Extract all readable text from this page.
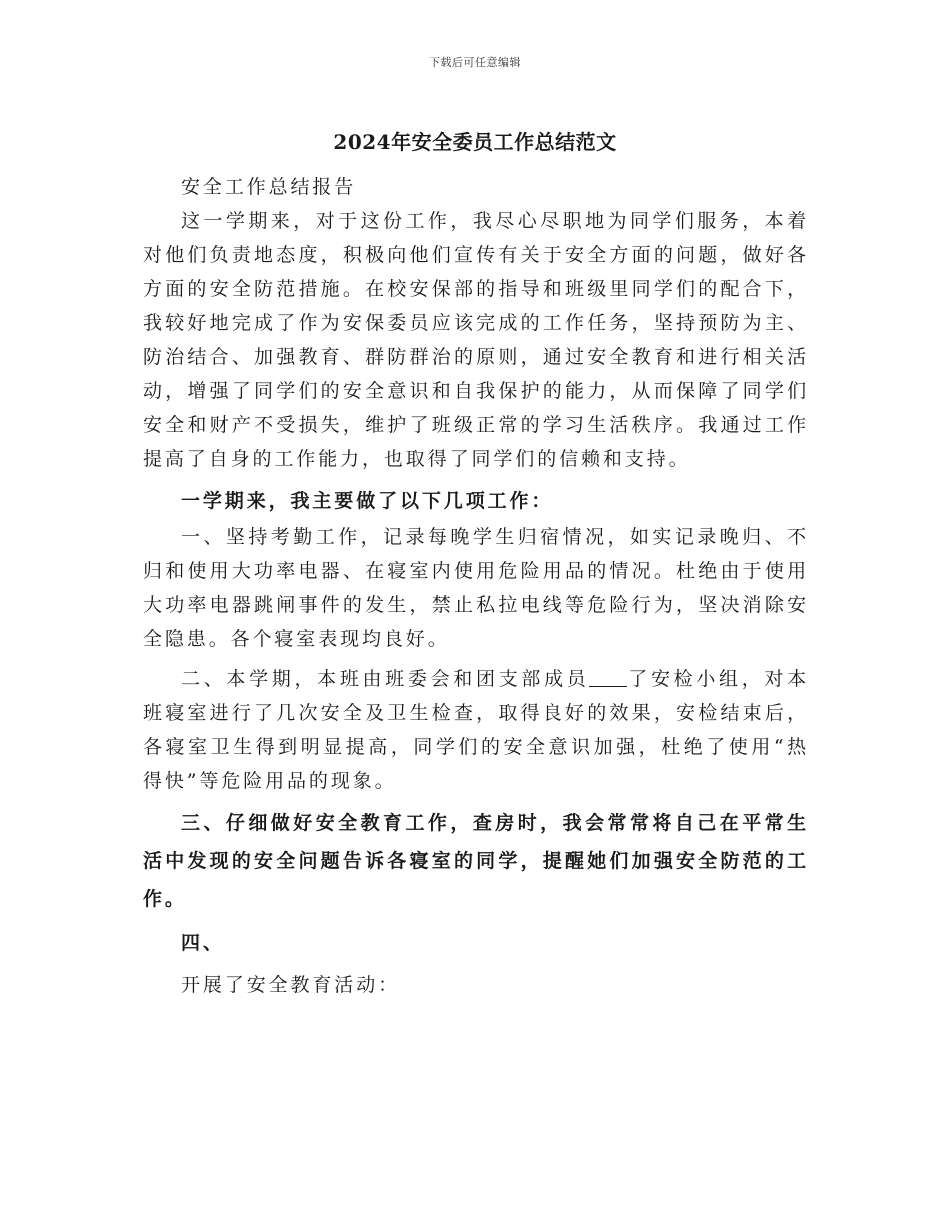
下载后可任意编辑
2024年安全委员工作总结范文

安全工作总结报告

这一学期来，对于这份工作，我尽心尽职地为同学们服务，本着对他们负责地态度，积极向他们宣传有关于安全方面的问题，做好各方面的安全防范措施。在校安保部的指导和班级里同学们的配合下，我较好地完成了作为安保委员应该完成的工作任务，坚持预防为主、防治结合、加强教育、群防群治的原则，通过安全教育和进行相关活动，增强了同学们的安全意识和自我保护的能力，从而保障了同学们安全和财产不受损失，维护了班级正常的学习生活秩序。我通过工作提高了自身的工作能力，也取得了同学们的信赖和支持。

一学期来，我主要做了以下几项工作：

一、坚持考勤工作，记录每晚学生归宿情况，如实记录晚归、不归和使用大功率电器、在寝室内使用危险用品的情况。杜绝由于使用大功率电器跳闸事件的发生，禁止私拉电线等危险行为，坚决消除安全隐患。各个寝室表现均良好。

二、本学期，本班由班委会和团支部成员 了安检小组，对本班寝室进行了几次安全及卫生检查，取得良好的效果，安检结束后，各寝室卫生得到明显提高，同学们的安全意识加强，杜绝了使用“热得快”等危险用品的现象。

三、仔细做好安全教育工作，查房时，我会常常将自己在平常生活中发现的安全问题告诉各寝室的同学，提醒她们加强安全防范的工作。

四、

开展了安全教育活动：
